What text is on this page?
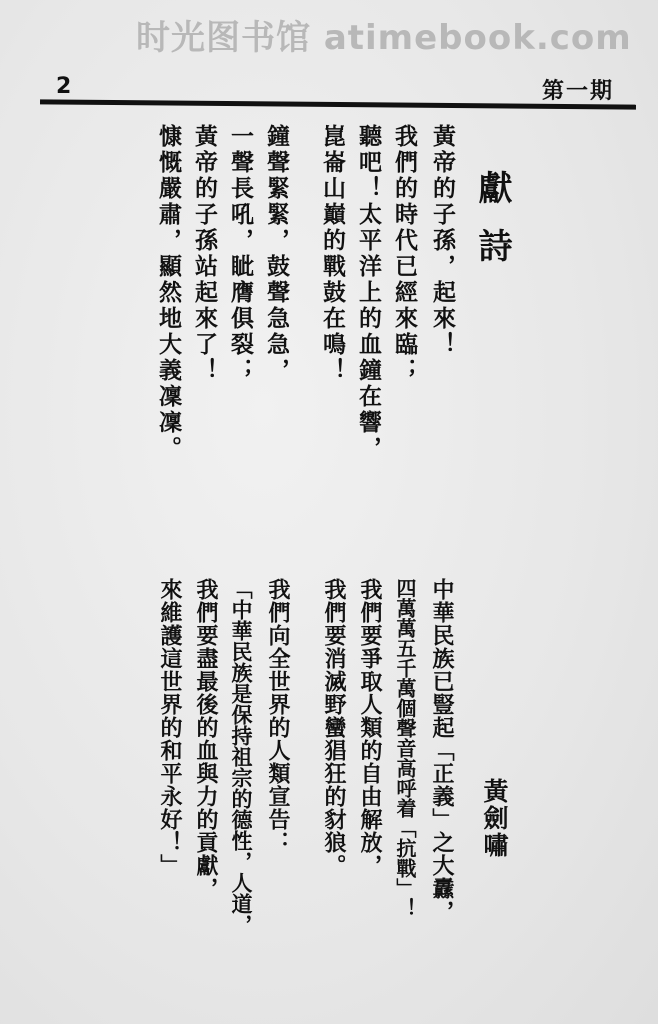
时光图书馆 atimebook.com
2	第一期
獻詩
黃帝的子孫，起來！
我們的時代已經來臨；
聽吧！太平洋上的血鐘在響，
崑崙山巔的戰鼓在鳴！
鐘聲緊緊，鼓聲急急，
一聲長吼，眦膺俱裂；
黃帝的子孫站起來了！
慷慨嚴肅，顯然地大義凜凜。
黃劍嘯
中華民族已豎起「正義」之大纛，
四萬萬五千萬個聲音高呼着「抗戰」！
我們要爭取人類的自由解放，
我們要消滅野蠻猖狂的豺狼。
我們向全世界的人類宣告：
「中華民族是保持祖宗的德性，人道，
我們要盡最後的血與力的貢獻，
來維護這世界的和平永好！」
